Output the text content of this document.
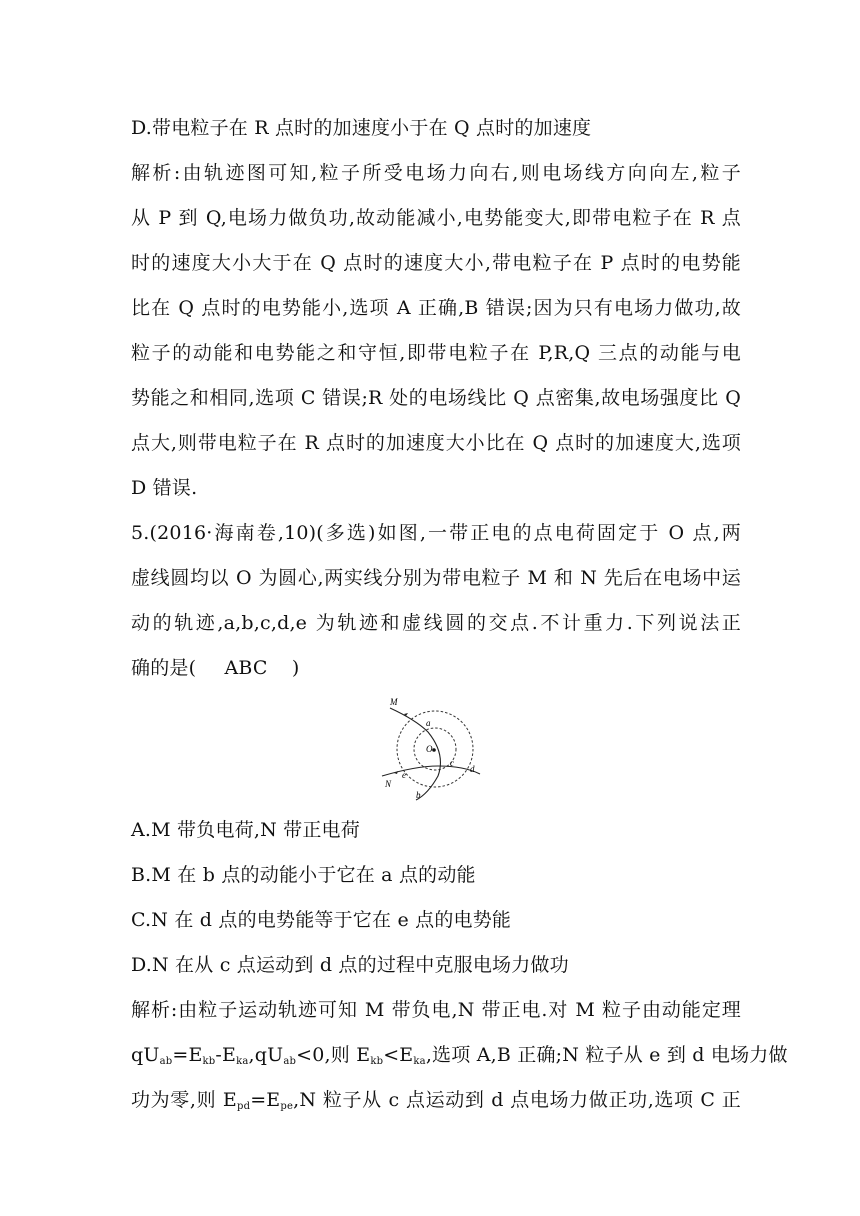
D.带电粒子在 R 点时的加速度小于在 Q 点时的加速度
解析:由轨迹图可知,粒子所受电场力向右,则电场线方向向左,粒子
从 P 到 Q,电场力做负功,故动能减小,电势能变大,即带电粒子在 R 点
时的速度大小大于在 Q 点时的速度大小,带电粒子在 P 点时的电势能
比在 Q 点时的电势能小,选项 A 正确,B 错误;因为只有电场力做功,故
粒子的动能和电势能之和守恒,即带电粒子在 P,R,Q 三点的动能与电
势能之和相同,选项 C 错误;R 处的电场线比 Q 点密集,故电场强度比 Q
点大,则带电粒子在 R 点时的加速度大小比在 Q 点时的加速度大,选项
D 错误.
5.(2016·海南卷,10)(多选)如图,一带正电的点电荷固定于 O 点,两
虚线圆均以 O 为圆心,两实线分别为带电粒子 M 和 N 先后在电场中运
动的轨迹,a,b,c,d,e 为轨迹和虚线圆的交点.不计重力.下列说法正
确的是( ABC )
M
N
O
a
b
c
d
e
A.M 带负电荷,N 带正电荷
B.M 在 b 点的动能小于它在 a 点的动能
C.N 在 d 点的电势能等于它在 e 点的电势能
D.N 在从 c 点运动到 d 点的过程中克服电场力做功
解析:由粒子运动轨迹可知 M 带负电,N 带正电.对 M 粒子由动能定理
$qU_{ab}=E_{kb}-E_{ka},qU_{ab}<0$,则 $E_{kb}<E_{ka}$,选项 A,B 正确;N 粒子从 e 到 d 电场力做
功为零,则 $E_{pd}=E_{pe},N$ 粒子从 c 点运动到 d 点电场力做正功,选项 C 正
